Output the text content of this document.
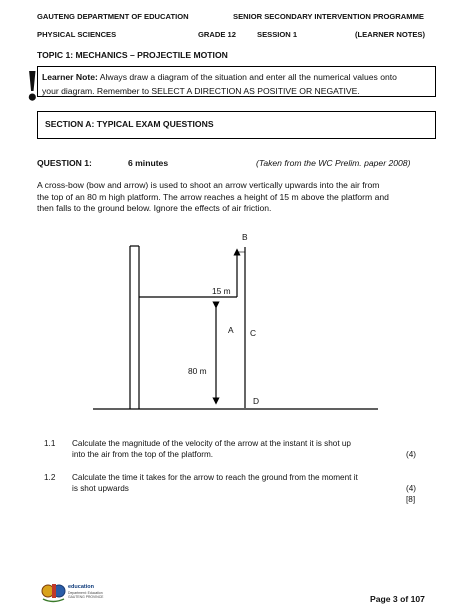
GAUTENG DEPARTMENT OF EDUCATION	SENIOR SECONDARY INTERVENTION PROGRAMME
PHYSICAL SCIENCES	GRADE 12	SESSION 1	(LEARNER NOTES)
TOPIC 1: MECHANICS – PROJECTILE MOTION
! Learner Note: Always draw a diagram of the situation and enter all the numerical values onto
your diagram. Remember to SELECT A DIRECTION AS POSITIVE OR NEGATIVE.
SECTION A: TYPICAL EXAM QUESTIONS
QUESTION 1:	6 minutes	(Taken from the WC Prelim. paper 2008)
A cross-bow (bow and arrow) is used to shoot an arrow vertically upwards into the air from
the top of an 80 m high platform. The arrow reaches a height of 15 m above the platform and
then falls to the ground below. Ignore the effects of air friction.
B
15 m
A C
80 m
D
1.1 Calculate the magnitude of the velocity of the arrow at the instant it is shot up
into the air from the top of the platform.	(4)
1.2 Calculate the time it takes for the arrow to reach the ground from the moment it
is shot upwards	(4)
[8]
education
Department: Education GAUTENG PROVINCE	Page 3 of 107
